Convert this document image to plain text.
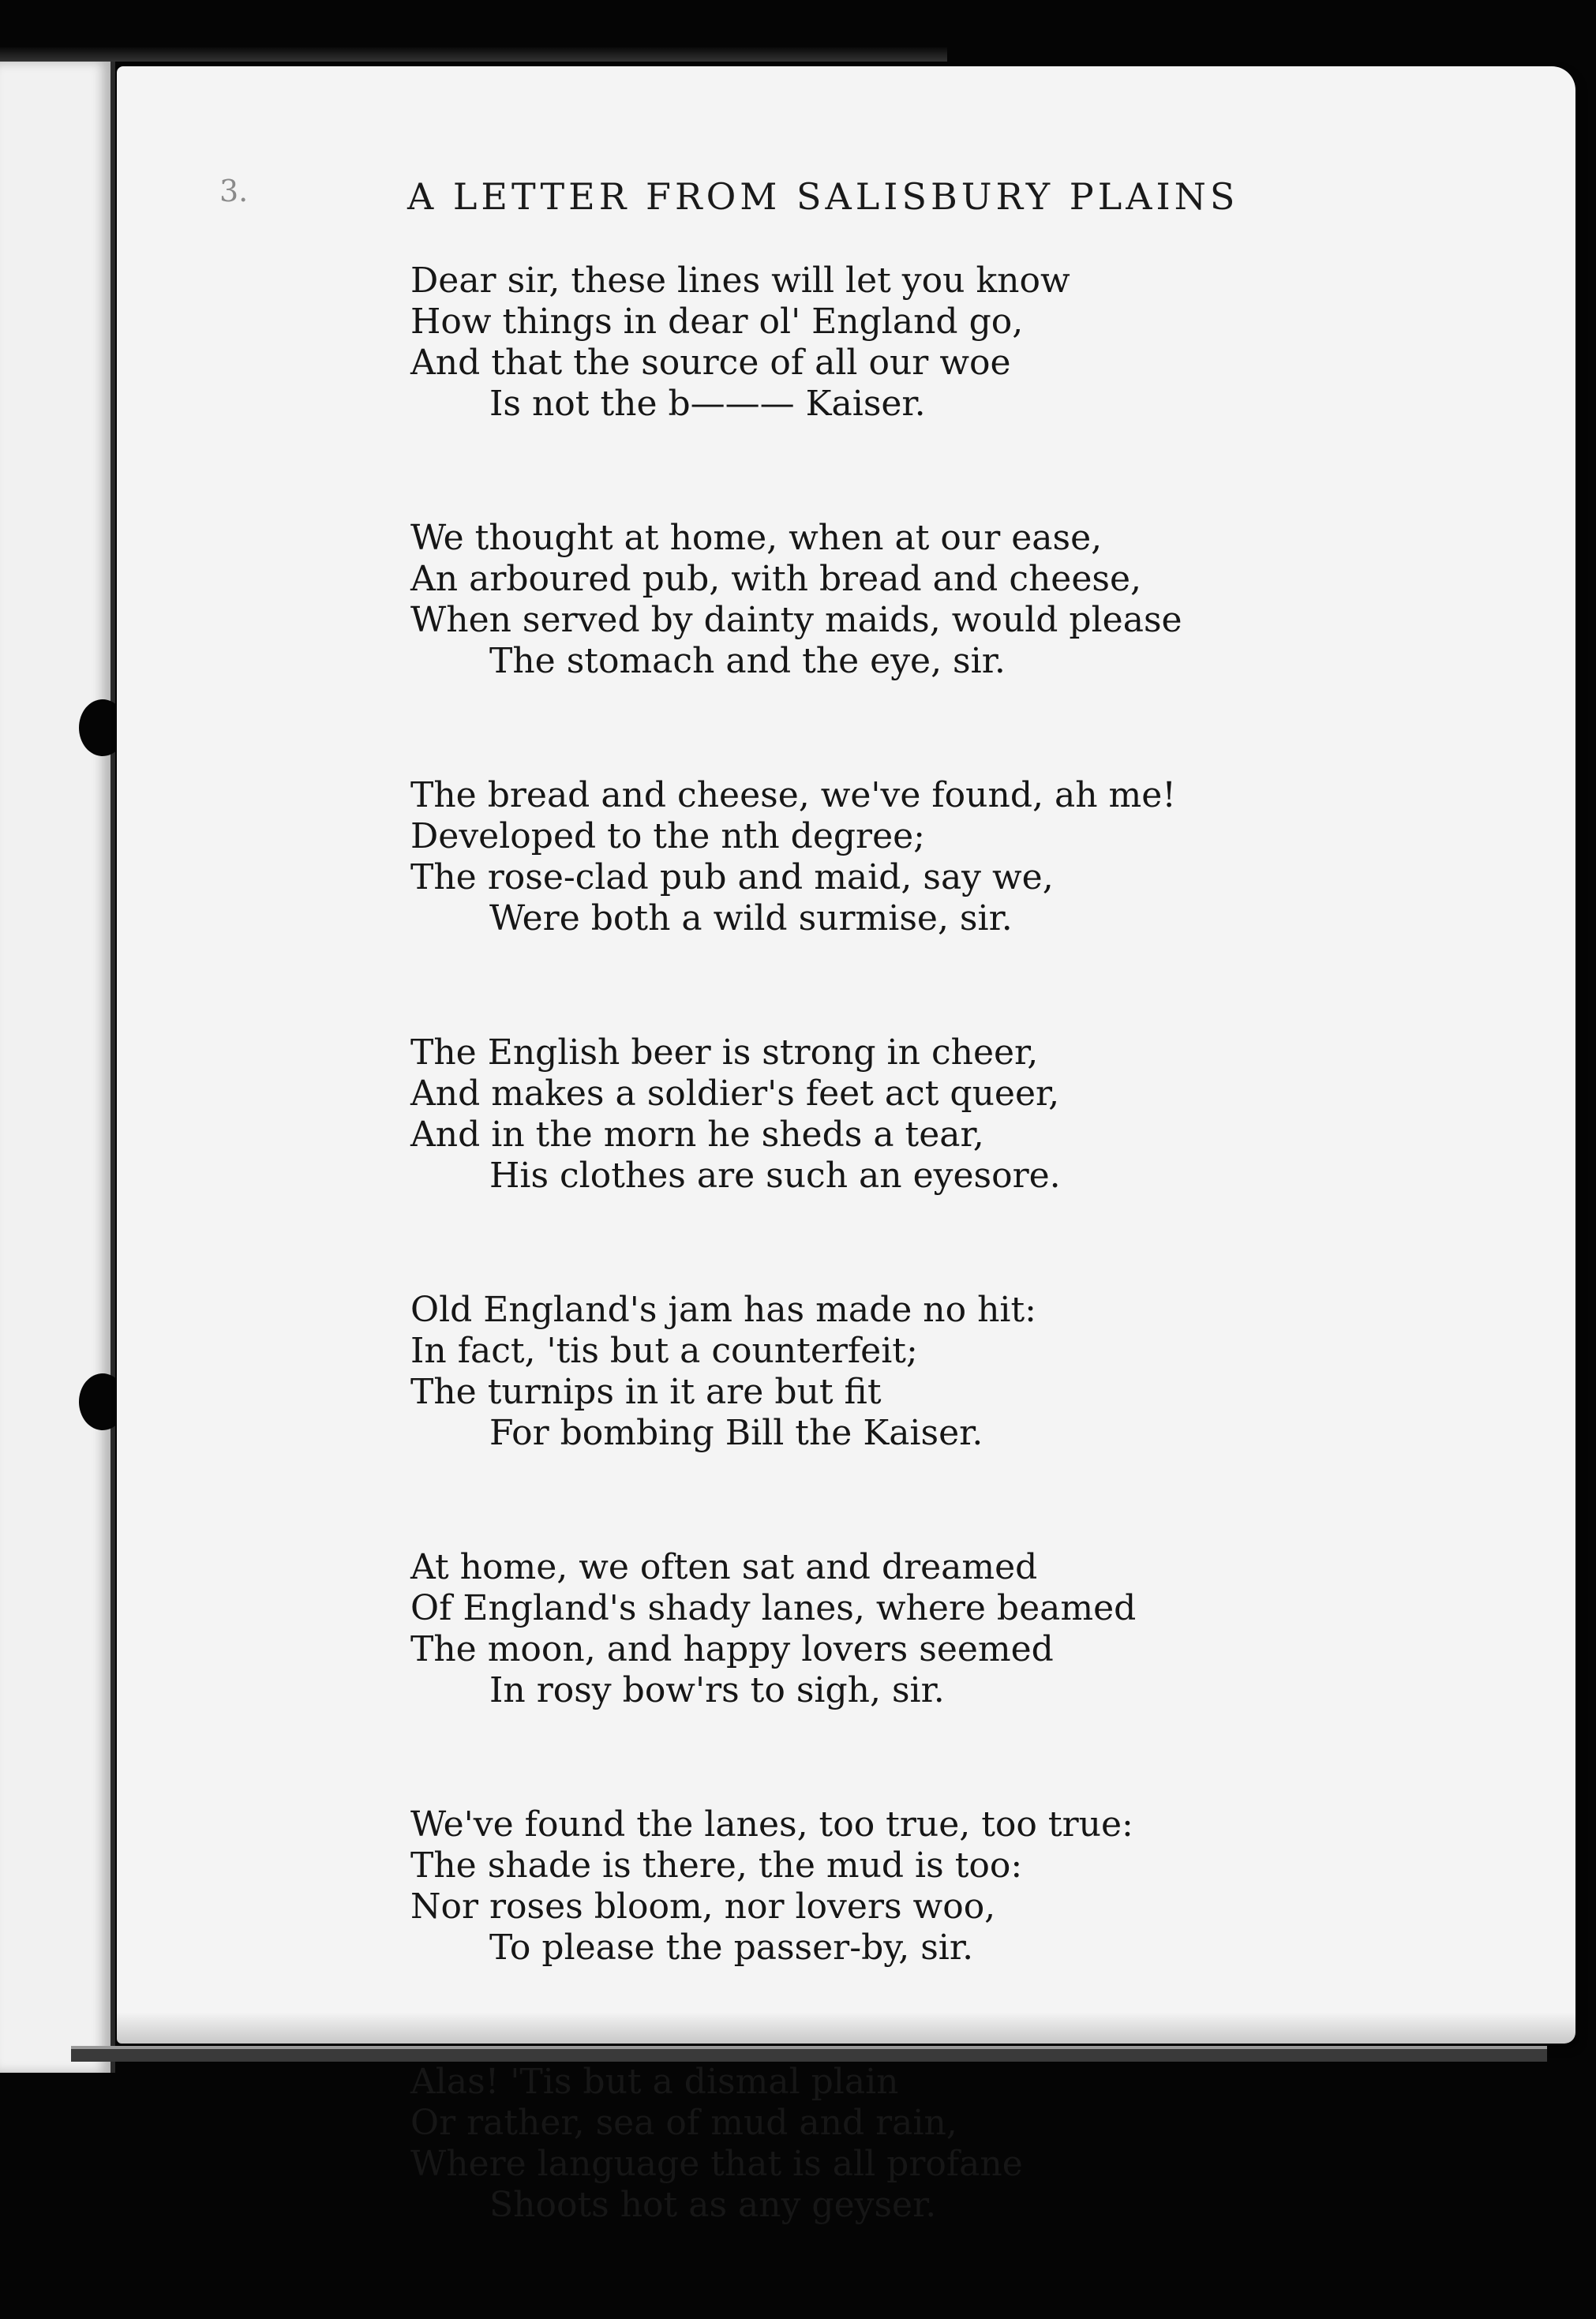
3.	A LETTER FROM SALISBURY PLAINS
Dear sir, these lines will let you know
How things in dear ol' England go,
And that the source of all our woe
Is not the b——— Kaiser.
We thought at home, when at our ease,
An arboured pub, with bread and cheese,
When served by dainty maids, would please
The stomach and the eye, sir.
The bread and cheese, we've found, ah me!
Developed to the nth degree;
The rose-clad pub and maid, say we,
Were both a wild surmise, sir.
The English beer is strong in cheer,
And makes a soldier's feet act queer,
And in the morn he sheds a tear,
His clothes are such an eyesore.
Old England's jam has made no hit:
In fact, 'tis but a counterfeit;
The turnips in it are but fit
For bombing Bill the Kaiser.
At home, we often sat and dreamed
Of England's shady lanes, where beamed
The moon, and happy lovers seemed
In rosy bow'rs to sigh, sir.
We've found the lanes, too true, too true:
The shade is there, the mud is too:
Nor roses bloom, nor lovers woo,
To please the passer-by, sir.
Alas! 'Tis but a dismal plain
Or rather, sea of mud and rain,
Where language that is all profane
Shoots hot as any geyser.
